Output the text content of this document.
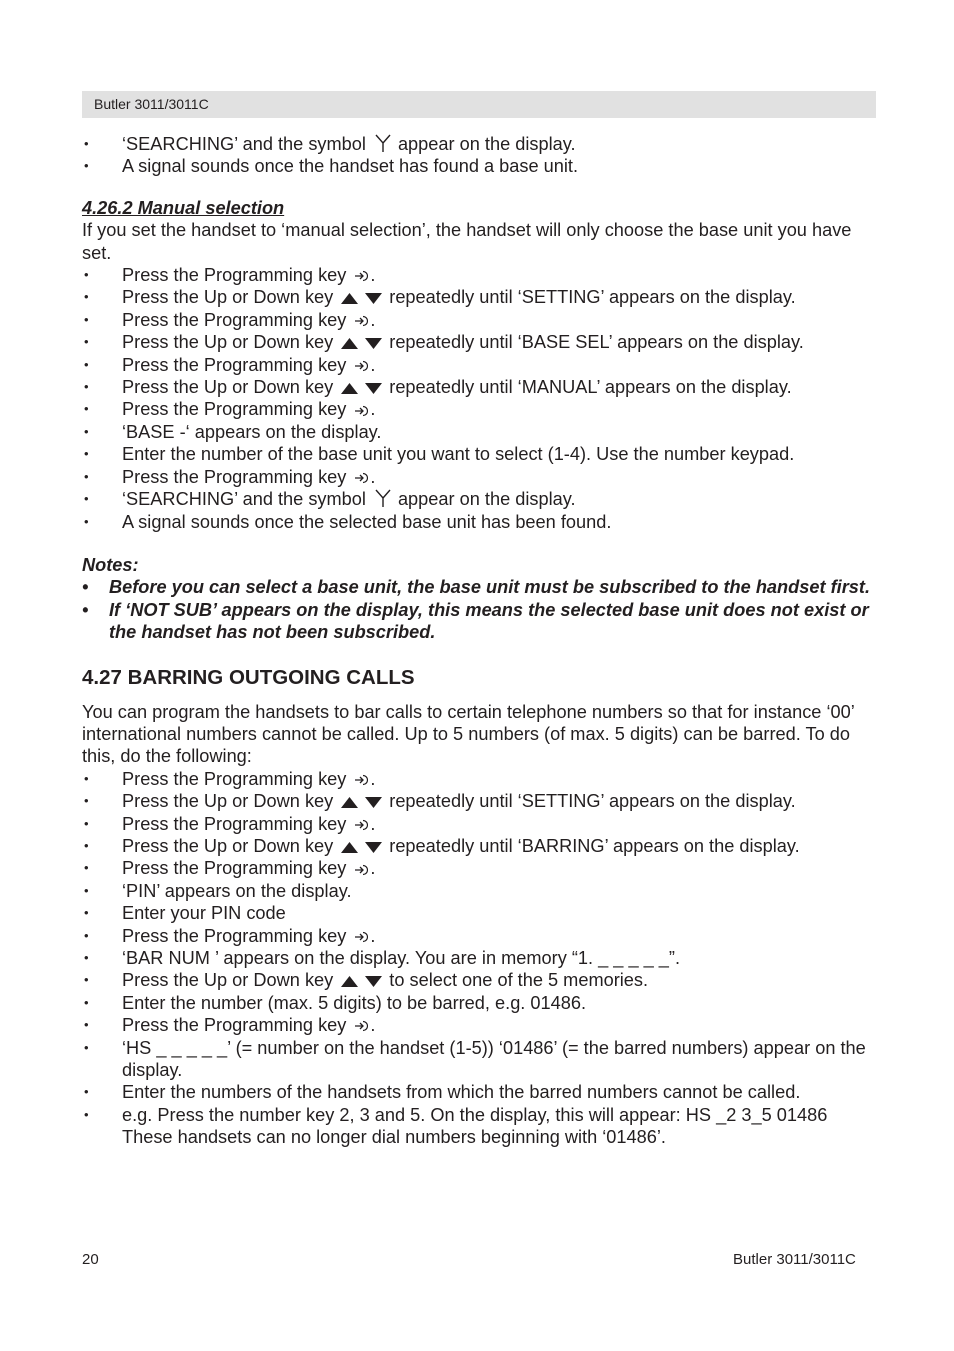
Butler 3011/3011C
• ‘SEARCHING’ and the symbol appear on the display.
• A signal sounds once the handset has found a base unit.
4.26.2 Manual selection
If you set the handset to ‘manual selection’, the handset will only choose the base unit you have set.
• Press the Programming key .
• Press the Up or Down key	repeatedly until ‘SETTING’ appears on the display.
• Press the Programming key .
• Press the Up or Down key	repeatedly until ‘BASE SEL’ appears on the display.
• Press the Programming key .
• Press the Up or Down key	repeatedly until ‘MANUAL’ appears on the display.
• Press the Programming key .
• ‘BASE -‘ appears on the display.
• Enter the number of the base unit you want to select (1-4). Use the number keypad.
• Press the Programming key .
• ‘SEARCHING’ and the symbol appear on the display.
• A signal sounds once the selected base unit has been found.
Notes:
• Before you can select a base unit, the base unit must be subscribed to the handset first.
• If ‘NOT SUB’ appears on the display, this means the selected base unit does not exist or the handset has not been subscribed.
4.27 BARRING OUTGOING CALLS
You can program the handsets to bar calls to certain telephone numbers so that for instance ‘00’ international numbers cannot be called. Up to 5 numbers (of max. 5 digits) can be barred. To do this, do the following:
• Press the Programming key .
• Press the Up or Down key	repeatedly until ‘SETTING’ appears on the display.
• Press the Programming key .
• Press the Up or Down key	repeatedly until ‘BARRING’ appears on the display.
• Press the Programming key .
• ‘PIN’ appears on the display.
• Enter your PIN code
• Press the Programming key .
• ‘BAR NUM ’ appears on the display. You are in memory “1. _ _ _ _ _”.
• Press the Up or Down key	to select one of the 5 memories.
• Enter the number (max. 5 digits) to be barred, e.g. 01486.
• Press the Programming key .
• ‘HS _ _ _ _ _’ (= number on the handset (1-5)) ‘01486’ (= the barred numbers) appear on the display.
• Enter the numbers of the handsets from which the barred numbers cannot be called.
• e.g. Press the number key 2, 3 and 5. On the display, this will appear: HS _2 3_5 01486 These handsets can no longer dial numbers beginning with ‘01486’.
20	Butler 3011/3011C
